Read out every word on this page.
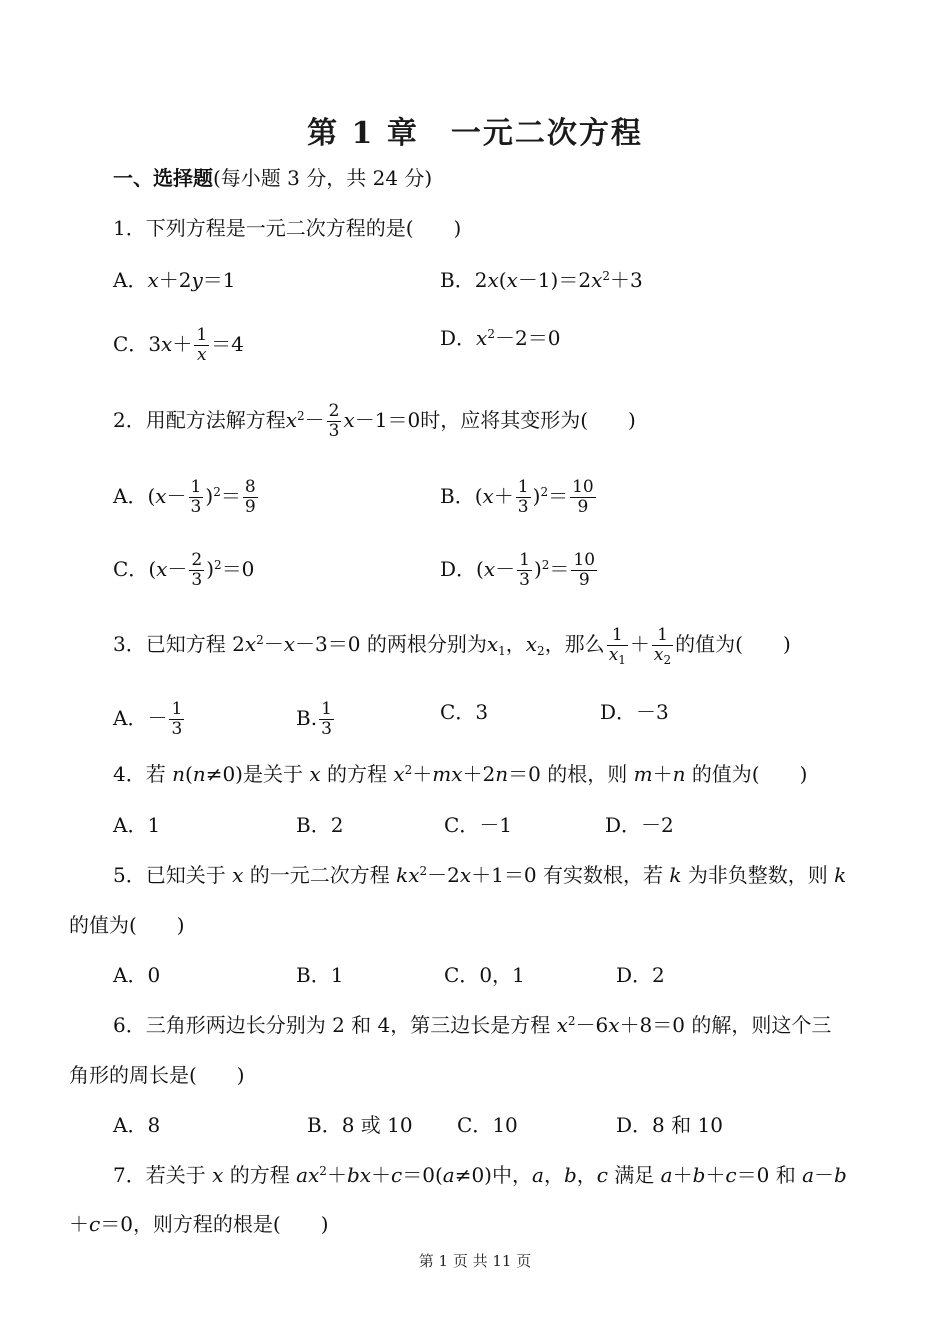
第 1 章　一元二次方程
一、选择题(每小题 3 分，共 24 分)
1．下列方程是一元二次方程的是(　　)
A．x＋2y＝1	B．$2x(x-1)=2x^2+3$
C．$3x+ \frac{1}{x} =4$	D．$x^2-2=0$
2．用配方法解方程$x^2- \frac{2}{3} x-1=0$时，应将其变形为(　　)
A．$(x- \frac{1}{3} )^2= \frac{8}{9}$	B．$(x+ \frac{1}{3} )^2= \frac{10}{9}$
C．$(x- \frac{2}{3} )^2=0$	D．$(x- \frac{1}{3} )^2= \frac{10}{9}$
3．已知方程 $2x^2-x-3=0$ 的两根分别为$x_1$，$x_2$，那么 $\frac{1}{x_1} + \frac{1}{x_2}$ 的值为(　　)
A．－ $\frac{1}{3}$	B. $\frac{1}{3}$	C．3	D．－3
4．若 n(n≠0)是关于 x 的方程 $x^2+mx+2n=0$ 的根，则 m＋n 的值为(　　)
A．1	B．2	C．－1	D．－2
5．已知关于 x 的一元二次方程 $kx^2-2x+1=0$ 有实数根，若 k 为非负整数，则 k
的值为(　　)
A．0	B．1	C．0，1	D．2
6．三角形两边长分别为 2 和 4，第三边长是方程 $x^2-6x+8=0$ 的解，则这个三
角形的周长是(　　)
A．8	B．8 或 10 C．10	D．8 和 10
7．若关于 x 的方程 $ax^2+bx+c=0(a\ne 0)$中，a，b，c 满足 a＋b＋c＝0 和 a－b
＋c＝0，则方程的根是(　　)
第 1 页 共 11 页
